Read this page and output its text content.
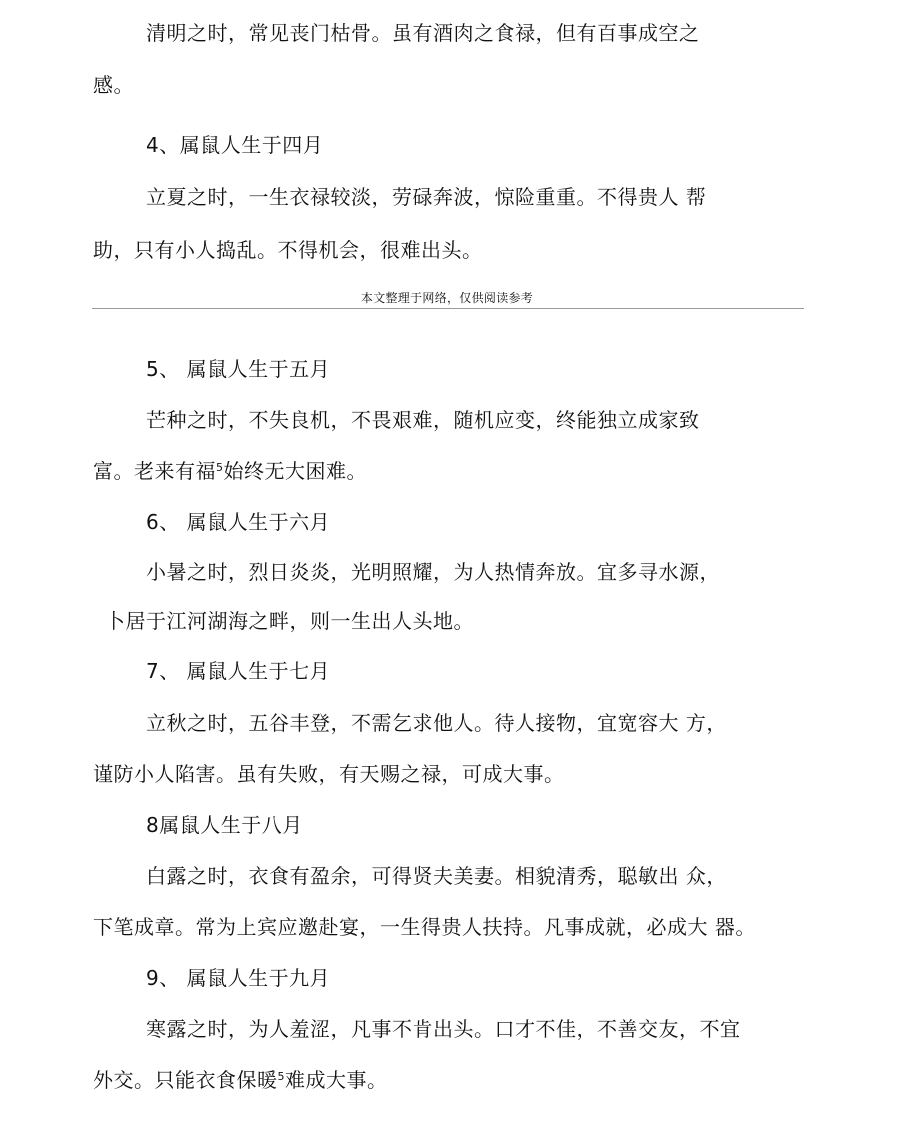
清明之时，常见丧门枯骨。虽有酒肉之食禄，但有百事成空之
感。
4、属鼠人生于四月
立夏之时，一生衣禄较淡，劳碌奔波，惊险重重。不得贵人 帮
助，只有小人捣乱。不得机会，很难出头。
本文整理于网络，仅供阅读参考
5、 属鼠人生于五月
芒种之时，不失良机，不畏艰难，随机应变，终能独立成家致
富。老来有福$^5$始终无大困难。
6、 属鼠人生于六月
小暑之时，烈日炎炎，光明照耀，为人热情奔放。宜多寻水源，
卜居于江河湖海之畔，则一生出人头地。
7、 属鼠人生于七月
立秋之时，五谷丰登，不需乞求他人。待人接物，宜宽容大 方，
谨防小人陷害。虽有失败，有天赐之禄，可成大事。
8属鼠人生于八月
白露之时，衣食有盈余，可得贤夫美妻。相貌清秀，聪敏出 众，
下笔成章。常为上宾应邀赴宴，一生得贵人扶持。凡事成就，必成大 器。
9、 属鼠人生于九月
寒露之时，为人羞涩，凡事不肯出头。口才不佳，不善交友，不宜
外交。只能衣食保暖$^5$难成大事。
